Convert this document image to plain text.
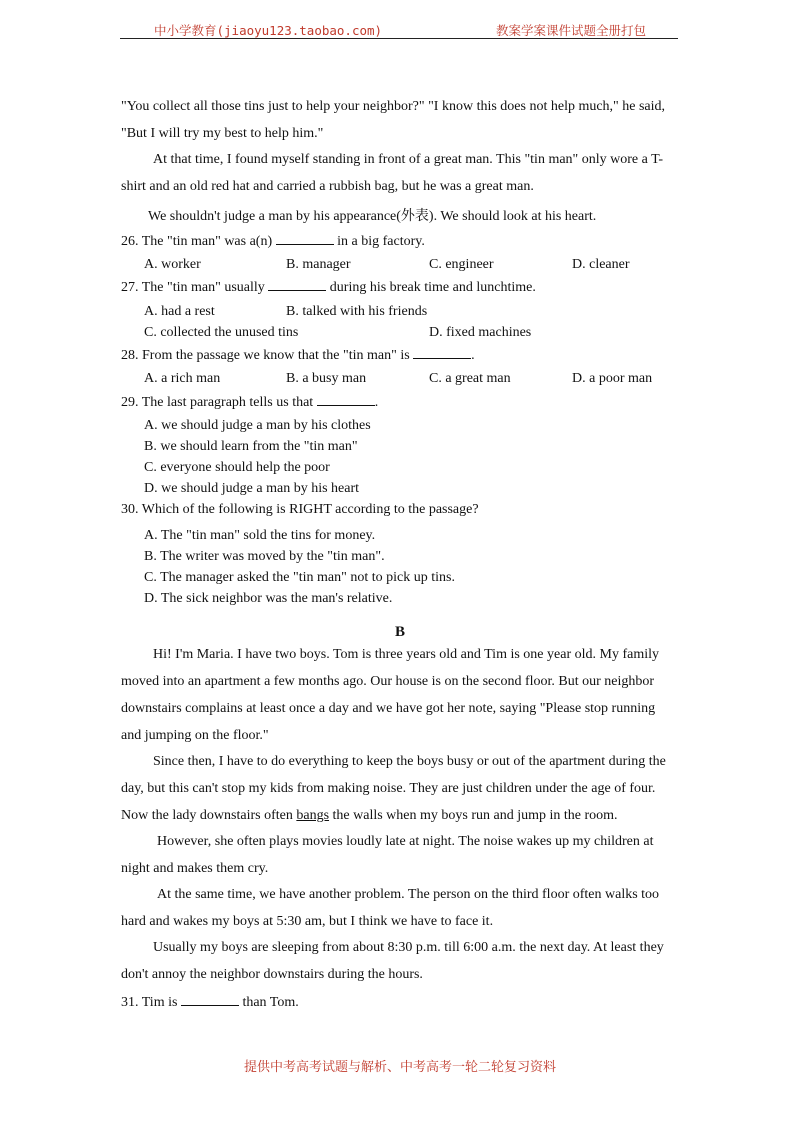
中小学教育(jiaoyu123.taobao.com)	教案学案课件试题全册打包
"You collect all those tins just to help your neighbor?" "I know this does not help much," he said,
"But I will try my best to help him."
At that time, I found myself standing in front of a great man. This "tin man" only wore a T-
shirt and an old red hat and carried a rubbish bag, but he was a great man.
We shouldn't judge a man by his appearance(外表). We should look at his heart.
26. The "tin man" was a(n)	in a big factory.
A. worker	B. manager	C. engineer	D. cleaner
27. The "tin man" usually	during his break time and lunchtime.
A. had a rest	B. talked with his friends
C. collected the unused tins	D. fixed machines
28. From the passage we know that the "tin man" is	.
A. a rich man	B. a busy man	C. a great man	D. a poor man
29. The last paragraph tells us that	.
A. we should judge a man by his clothes
B. we should learn from the "tin man"
C. everyone should help the poor
D. we should judge a man by his heart
30. Which of the following is RIGHT according to the passage?
A. The "tin man" sold the tins for money.
B. The writer was moved by the "tin man".
C. The manager asked the "tin man" not to pick up tins.
D. The sick neighbor was the man's relative.
B
Hi! I'm Maria. I have two boys. Tom is three years old and Tim is one year old. My family
moved into an apartment a few months ago. Our house is on the second floor. But our neighbor
downstairs complains at least once a day and we have got her note, saying "Please stop running
and jumping on the floor."
Since then, I have to do everything to keep the boys busy or out of the apartment during the
day, but this can't stop my kids from making noise. They are just children under the age of four.
Now the lady downstairs often bangs the walls when my boys run and jump in the room.
However, she often plays movies loudly late at night. The noise wakes up my children at
night and makes them cry.
At the same time, we have another problem. The person on the third floor often walks too
hard and wakes my boys at 5:30 am, but I think we have to face it.
Usually my boys are sleeping from about 8:30 p.m. till 6:00 a.m. the next day. At least they
don't annoy the neighbor downstairs during the hours.
31. Tim is	than Tom.
提供中考高考试题与解析、中考高考一轮二轮复习资料
